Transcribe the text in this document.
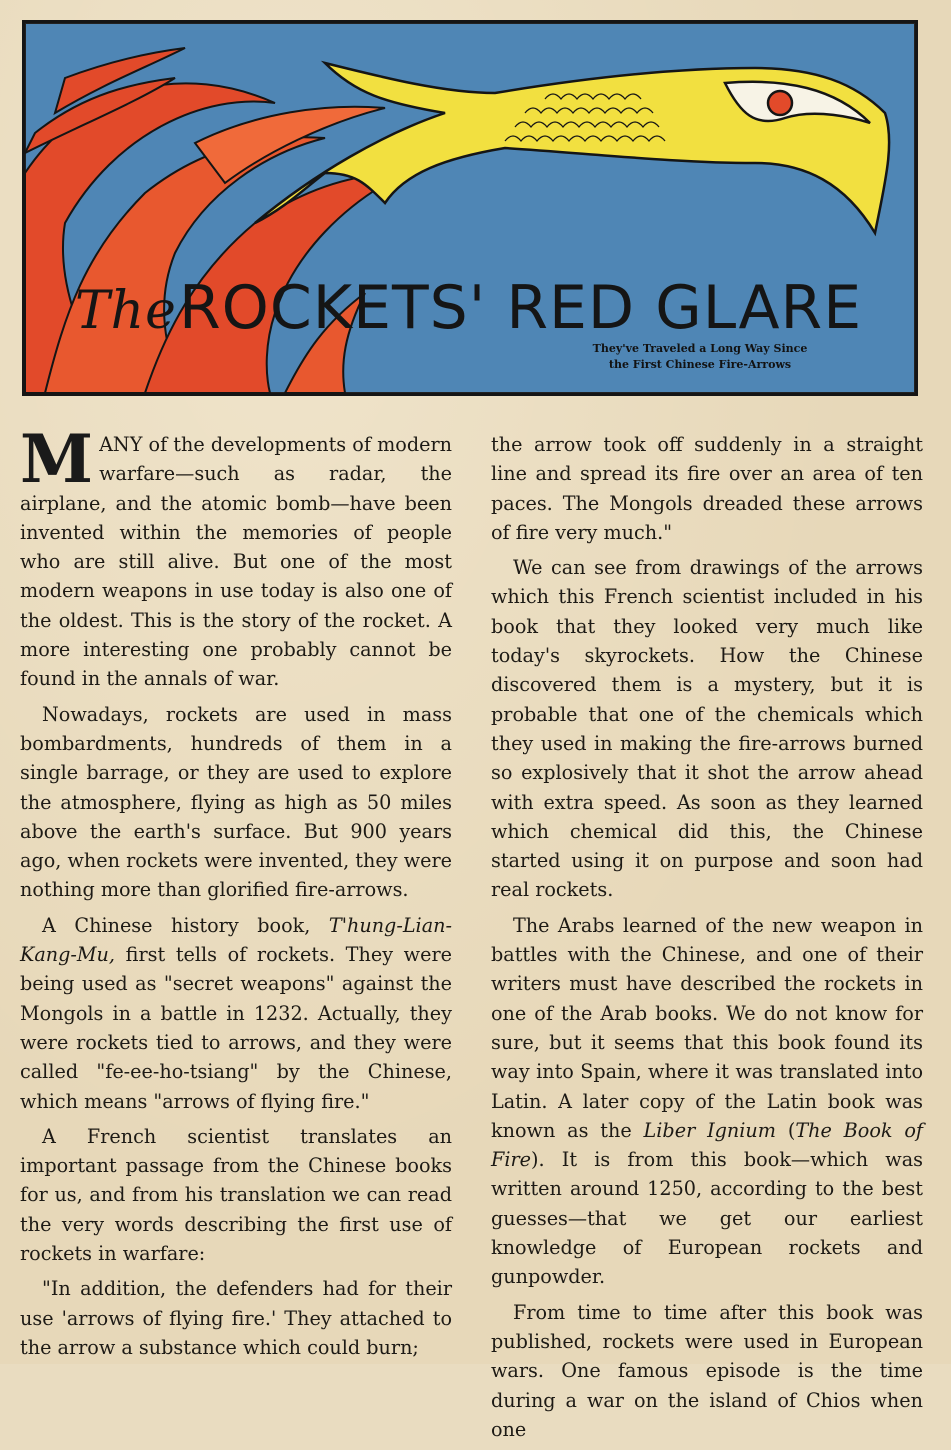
TheROCKETS' RED GLARE
They've Traveled a Long Way Since
the First Chinese Fire-Arrows

MANY of the developments of modern warfare—such as radar, the airplane, and the atomic bomb—have been invented within the memories of people who are still alive. But one of the most modern weapons in use today is also one of the oldest. This is the story of the rocket. A more interesting one probably cannot be found in the annals of war.

Nowadays, rockets are used in mass bombardments, hundreds of them in a single barrage, or they are used to explore the atmosphere, flying as high as 50 miles above the earth's surface. But 900 years ago, when rockets were invented, they were nothing more than glorified fire-arrows.

A Chinese history book, T'hung-Lian-Kang-Mu, first tells of rockets. They were being used as "secret weapons" against the Mongols in a battle in 1232. Actually, they were rockets tied to arrows, and they were called "fe-ee-ho-tsiang" by the Chinese, which means "arrows of flying fire."

A French scientist translates an important passage from the Chinese books for us, and from his translation we can read the very words describing the first use of rockets in warfare:

"In addition, the defenders had for their use 'arrows of flying fire.' They attached to the arrow a substance which could burn;

the arrow took off suddenly in a straight line and spread its fire over an area of ten paces. The Mongols dreaded these arrows of fire very much."

We can see from drawings of the arrows which this French scientist included in his book that they looked very much like today's skyrockets. How the Chinese discovered them is a mystery, but it is probable that one of the chemicals which they used in making the fire-arrows burned so explosively that it shot the arrow ahead with extra speed. As soon as they learned which chemical did this, the Chinese started using it on purpose and soon had real rockets.

The Arabs learned of the new weapon in battles with the Chinese, and one of their writers must have described the rockets in one of the Arab books. We do not know for sure, but it seems that this book found its way into Spain, where it was translated into Latin. A later copy of the Latin book was known as the Liber Ignium (The Book of Fire). It is from this book—which was written around 1250, according to the best guesses—that we get our earliest knowledge of European rockets and gunpowder.

From time to time after this book was published, rockets were used in European wars. One famous episode is the time during a war on the island of Chios when one
